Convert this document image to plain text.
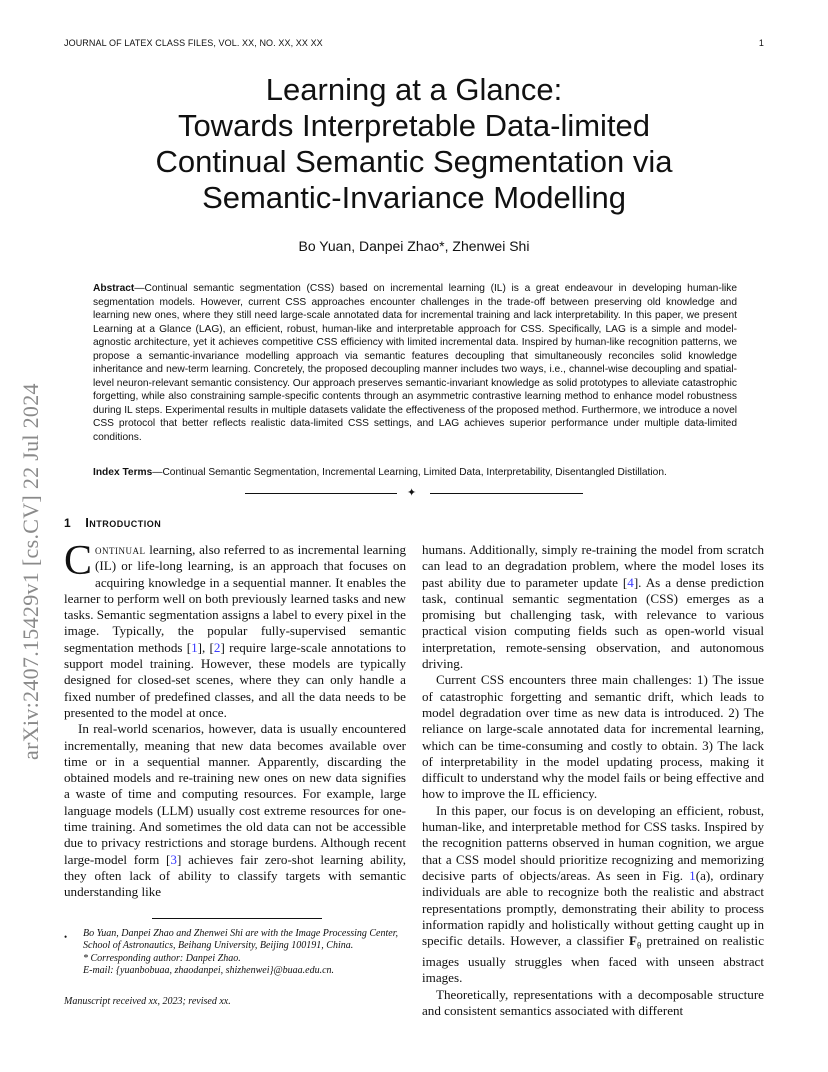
JOURNAL OF LATEX CLASS FILES, VOL. XX, NO. XX, XX XX	1
arXiv:2407.15429v1 [cs.CV] 22 Jul 2024
Learning at a Glance:
Towards Interpretable Data-limited
Continual Semantic Segmentation via
Semantic-Invariance Modelling
Bo Yuan, Danpei Zhao*, Zhenwei Shi
Abstract—Continual semantic segmentation (CSS) based on incremental learning (IL) is a great endeavour in developing human-like segmentation models. However, current CSS approaches encounter challenges in the trade-off between preserving old knowledge and learning new ones, where they still need large-scale annotated data for incremental training and lack interpretability. In this paper, we present Learning at a Glance (LAG), an efficient, robust, human-like and interpretable approach for CSS. Specifically, LAG is a simple and model-agnostic architecture, yet it achieves competitive CSS efficiency with limited incremental data. Inspired by human-like recognition patterns, we propose a semantic-invariance modelling approach via semantic features decoupling that simultaneously reconciles solid knowledge inheritance and new-term learning. Concretely, the proposed decoupling manner includes two ways, i.e., channel-wise decoupling and spatial-level neuron-relevant semantic consistency. Our approach preserves semantic-invariant knowledge as solid prototypes to alleviate catastrophic forgetting, while also constraining sample-specific contents through an asymmetric contrastive learning method to enhance model robustness during IL steps. Experimental results in multiple datasets validate the effectiveness of the proposed method. Furthermore, we introduce a novel CSS protocol that better reflects realistic data-limited CSS settings, and LAG achieves superior performance under multiple data-limited conditions.
Index Terms—Continual Semantic Segmentation, Incremental Learning, Limited Data, Interpretability, Disentangled Distillation.
✦
1 Introduction

Continual learning, also referred to as incremental learning (IL) or life-long learning, is an approach that focuses on acquiring knowledge in a sequential manner. It enables the learner to perform well on both previously learned tasks and new tasks. Semantic segmentation assigns a label to every pixel in the image. Typically, the popular fully-supervised semantic segmentation methods [1], [2] require large-scale annotations to support model training. However, these models are typically designed for closed-set scenes, where they can only handle a fixed number of predefined classes, and all the data needs to be presented to the model at once.

In real-world scenarios, however, data is usually encountered incrementally, meaning that new data becomes available over time or in a sequential manner. Apparently, discarding the obtained models and re-training new ones on new data signifies a waste of time and computing resources. For example, large language models (LLM) usually cost extreme resources for one-time training. And sometimes the old data can not be accessible due to privacy restrictions and storage burdens. Although recent large-model form [3] achieves fair zero-shot learning ability, they often lack of ability to classify targets with semantic understanding like

humans. Additionally, simply re-training the model from scratch can lead to an degradation problem, where the model loses its past ability due to parameter update [4]. As a dense prediction task, continual semantic segmentation (CSS) emerges as a promising but challenging task, with relevance to various practical vision computing fields such as open-world visual interpretation, remote-sensing observation, and autonomous driving.

Current CSS encounters three main challenges: 1) The issue of catastrophic forgetting and semantic drift, which leads to model degradation over time as new data is introduced. 2) The reliance on large-scale annotated data for incremental learning, which can be time-consuming and costly to obtain. 3) The lack of interpretability in the model updating process, making it difficult to understand why the model fails or being effective and how to improve the IL efficiency.

In this paper, our focus is on developing an efficient, robust, human-like, and interpretable method for CSS tasks. Inspired by the recognition patterns observed in human cognition, we argue that a CSS model should prioritize recognizing and memorizing decisive parts of objects/areas. As seen in Fig. 1(a), ordinary individuals are able to recognize both the realistic and abstract representations promptly, demonstrating their ability to process information rapidly and holistically without getting caught up in specific details. However, a classifier $F_\theta$ pretrained on realistic images usually struggles when faced with unseen abstract images.

Theoretically, representations with a decomposable structure and consistent semantics associated with different

• Bo Yuan, Danpei Zhao and Zhenwei Shi are with the Image Processing Center, School of Astronautics, Beihang University, Beijing 100191, China.
* Corresponding author: Danpei Zhao.
E-mail: {yuanbobuaa, zhaodanpei, shizhenwei}@buaa.edu.cn.
Manuscript received xx, 2023; revised xx.
